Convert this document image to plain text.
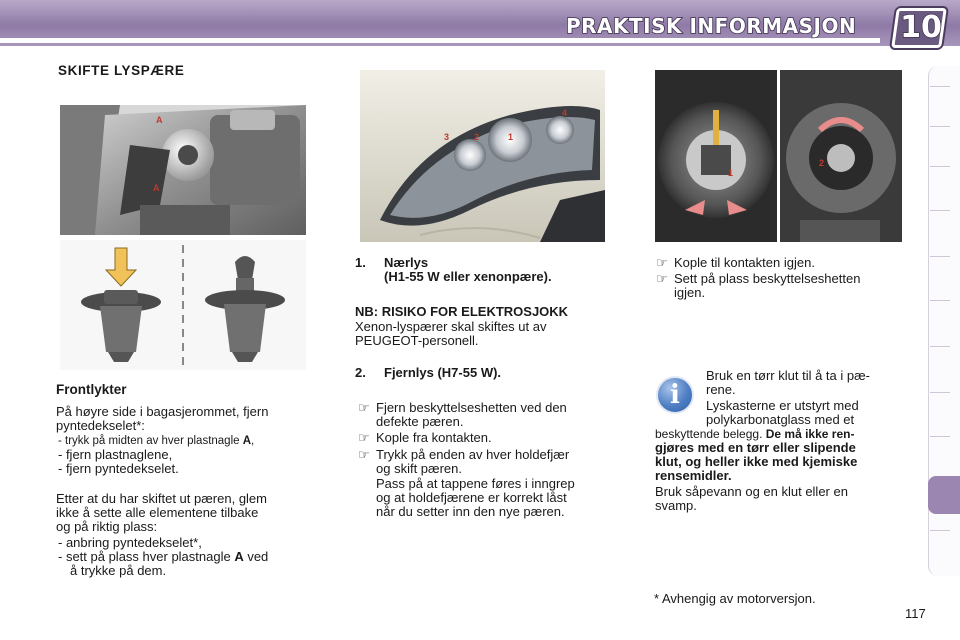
PRAKTISK INFORMASJON 10
SKIFTE LYSPÆRE
A
A
Frontlykter
På høyre side i bagasjerommet, fjern
pyntedekselet*:
- trykk på midten av hver plastnagle A,
- fjern plastnaglene,
- fjern pyntedekselet.
Etter at du har skiftet ut pæren, glem
ikke å sette alle elementene tilbake
og på riktig plass:
- anbring pyntedekselet*,
- sett på plass hver plastnagle A ved
å trykke på dem.
3	2	1
4
1. Nærlys
(H1-55 W eller xenonpære).
NB: RISIKO FOR ELEKTROSJOKK
Xenon-lyspærer skal skiftes ut av
PEUGEOT-personell.
2. Fjernlys (H7-55 W).
☞ Fjern beskyttelseshetten ved den
defekte pæren.
☞ Kople fra kontakten.
☞ Trykk på enden av hver holdefjær
og skift pæren.
Pass på at tappene føres i inngrep
og at holdefjærene er korrekt låst
når du setter inn den nye pæren.
1
2
☞ Kople til kontakten igjen.
☞ Sett på plass beskyttelseshetten
igjen.
i
Bruk en tørr klut til å ta i pæ-
rene.
Lyskasterne er utstyrt med
polykarbonatglass med et
beskyttende belegg. De må ikke ren-
gjøres med en tørr eller slipende
klut, og heller ikke med kjemiske
rensemidler.
Bruk såpevann og en klut eller en
svamp.
* Avhengig av motorversjon.
117
